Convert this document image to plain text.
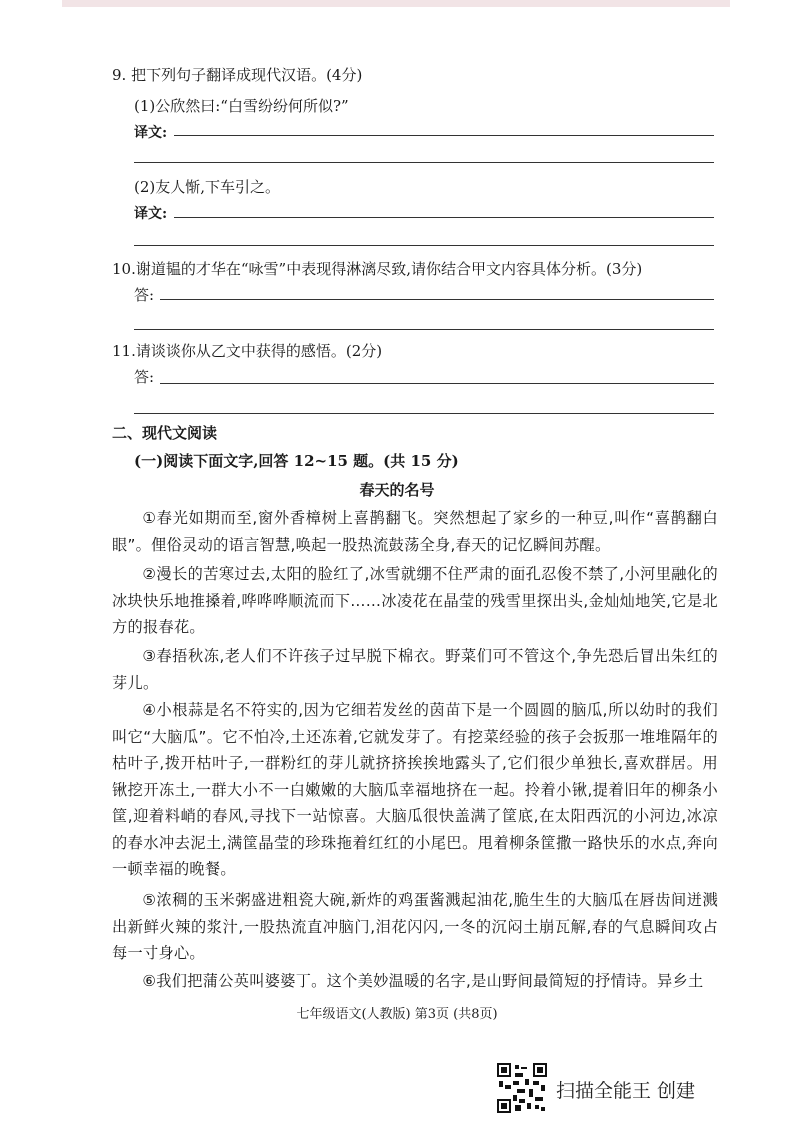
9. 把下列句子翻译成现代汉语。(4分)
(1)公欣然曰:“白雪纷纷何所似?”
译文:
(2)友人惭,下车引之。
译文:
10.谢道韫的才华在“咏雪”中表现得淋漓尽致,请你结合甲文内容具体分析。(3分)
答:
11.请谈谈你从乙文中获得的感悟。(2分)
答:
二、现代文阅读
(一)阅读下面文字,回答 12~15 题。(共 15 分)
春天的名号
①春光如期而至,窗外香樟树上喜鹊翻飞。突然想起了家乡的一种豆,叫作“喜鹊翻白眼”。俚俗灵动的语言智慧,唤起一股热流鼓荡全身,春天的记忆瞬间苏醒。
②漫长的苦寒过去,太阳的脸红了,冰雪就绷不住严肃的面孔忍俊不禁了,小河里融化的冰块快乐地推搡着,哗哗哗顺流而下……冰凌花在晶莹的残雪里探出头,金灿灿地笑,它是北方的报春花。
③春捂秋冻,老人们不许孩子过早脱下棉衣。野菜们可不管这个,争先恐后冒出朱红的芽儿。
④小根蒜是名不符实的,因为它细若发丝的茵苗下是一个圆圆的脑瓜,所以幼时的我们叫它“大脑瓜”。它不怕冷,土还冻着,它就发芽了。有挖菜经验的孩子会扳那一堆堆隔年的枯叶子,拨开枯叶子,一群粉红的芽儿就挤挤挨挨地露头了,它们很少单独长,喜欢群居。用锹挖开冻土,一群大小不一白嫩嫩的大脑瓜幸福地挤在一起。拎着小锹,提着旧年的柳条小筐,迎着料峭的春风,寻找下一站惊喜。大脑瓜很快盖满了筐底,在太阳西沉的小河边,冰凉的春水冲去泥土,满筐晶莹的珍珠拖着红红的小尾巴。甩着柳条筐撒一路快乐的水点,奔向一顿幸福的晚餐。
⑤浓稠的玉米粥盛进粗瓷大碗,新炸的鸡蛋酱溅起油花,脆生生的大脑瓜在唇齿间迸溅出新鲜火辣的浆汁,一股热流直冲脑门,泪花闪闪,一冬的沉闷土崩瓦解,春的气息瞬间攻占每一寸身心。
⑥我们把蒲公英叫婆婆丁。这个美妙温暖的名字,是山野间最简短的抒情诗。异乡土
七年级语文(人教版) 第3页 (共8页)
扫描全能王 创建
